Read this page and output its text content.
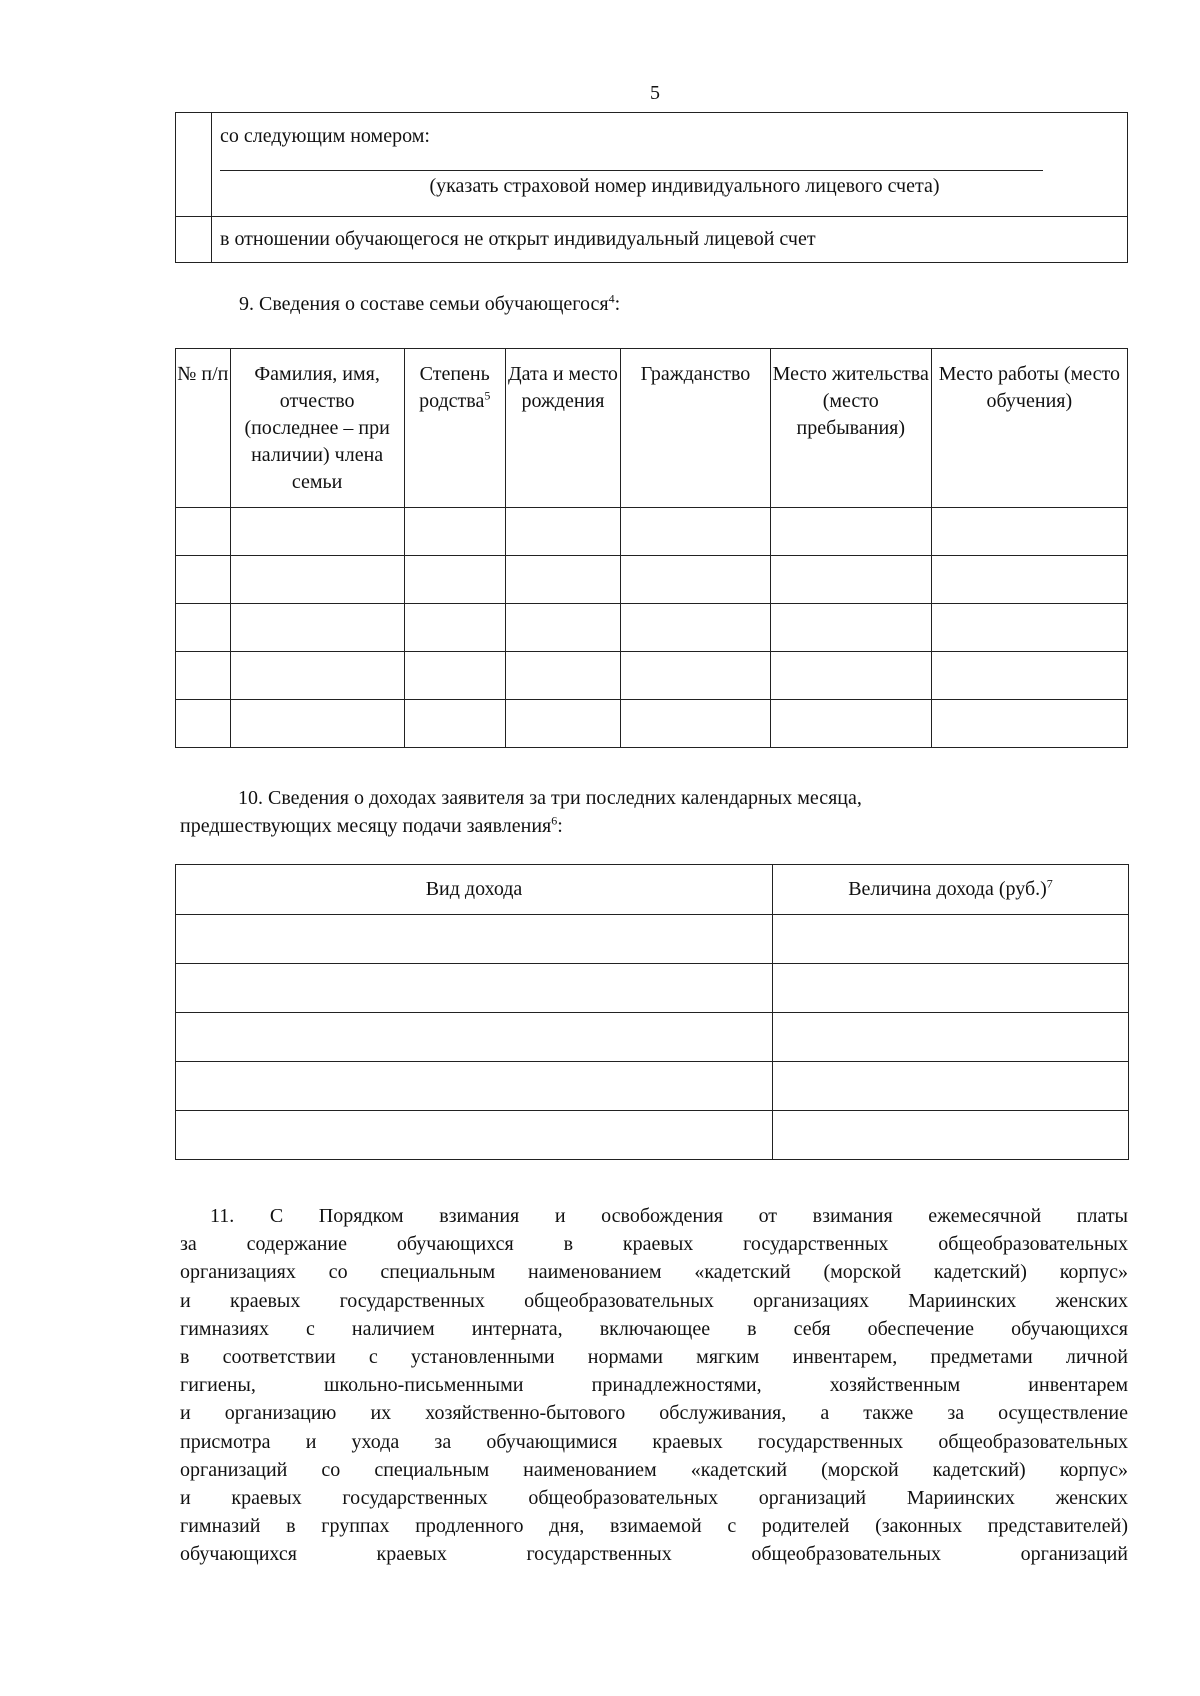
5

	со следующим номером:
(указать страховой номер индивидуального лицевого счета)

	в отношении обучающегося не открыт индивидуальный лицевой счет
9. Сведения о составе семьи обучающегося$^4$:
№ п/п	Фамилия, имя, отчество (последнее – при наличии) члена семьи	Степень родства$^5$	Дата и место рождения	Гражданство	Место жительства (место пребывания)	Место работы (место обучения)

10. Сведения о доходах заявителя за три последних календарных месяца,
предшествующих месяцу подачи заявления$^6$:
Вид дохода	Величина дохода $(руб.)^7$

11. С Порядком взимания и освобождения от взимания ежемесячной платы
за содержание обучающихся в краевых государственных общеобразовательных
организациях со специальным наименованием «кадетский (морской кадетский) корпус»
и краевых государственных общеобразовательных организациях Мариинских женских
гимназиях с наличием интерната, включающее в себя обеспечение обучающихся
в соответствии с установленными нормами мягким инвентарем, предметами личной
гигиены, школьно-письменными принадлежностями, хозяйственным инвентарем
и организацию их хозяйственно-бытового обслуживания, а также за осуществление
присмотра и ухода за обучающимися краевых государственных общеобразовательных
организаций со специальным наименованием «кадетский (морской кадетский) корпус»
и краевых государственных общеобразовательных организаций Мариинских женских
гимназий в группах продленного дня, взимаемой с родителей (законных представителей)
обучающихся краевых государственных общеобразовательных организаций
